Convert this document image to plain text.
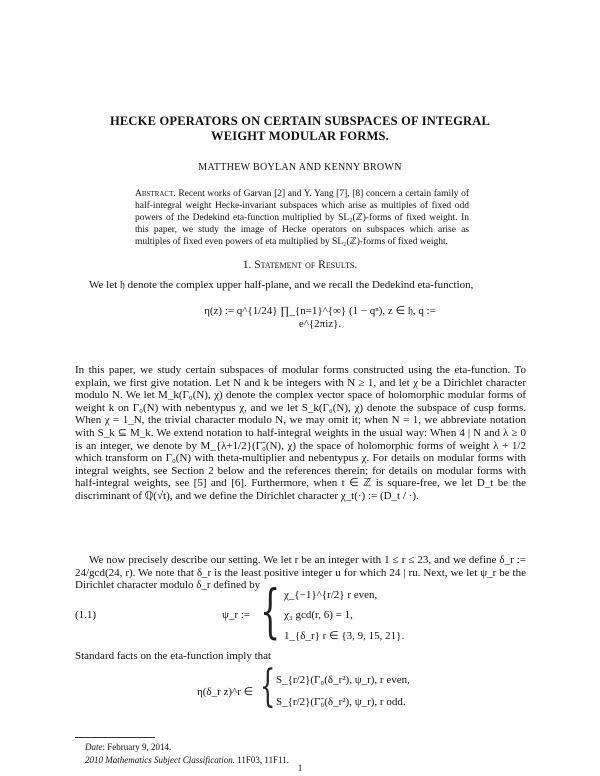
HECKE OPERATORS ON CERTAIN SUBSPACES OF INTEGRAL
WEIGHT MODULAR FORMS.
MATTHEW BOYLAN AND KENNY BROWN
Abstract. Recent works of Garvan [2] and Y. Yang [7], [8] concern a certain family of half-integral weight Hecke-invariant subspaces which arise as multiples of fixed odd powers of the Dedekind eta-function multiplied by SL₂(ℤ)-forms of fixed weight. In this paper, we study the image of Hecke operators on subspaces which arise as multiples of fixed even powers of eta multiplied by SL₂(ℤ)-forms of fixed weight.
1. Statement of Results.
We let 𝔥 denote the complex upper half-plane, and we recall the Dedekind eta-function,
η(z) := q^{1/24} ∏_{n=1}^{∞} (1 − qⁿ), z ∈ 𝔥, q := e^{2πiz}.
In this paper, we study certain subspaces of modular forms constructed using the eta-function. To explain, we first give notation. Let N and k be integers with N ≥ 1, and let χ be a Dirichlet character modulo N. We let M_k(Γ₀(N), χ) denote the complex vector space of holomorphic modular forms of weight k on Γ₀(N) with nebentypus χ, and we let S_k(Γ₀(N), χ) denote the subspace of cusp forms. When χ = 1_N, the trivial character modulo N, we may omit it; when N = 1, we abbreviate notation with S_k ⊆ M_k. We extend notation to half-integral weights in the usual way: When 4 | N and λ ≥ 0 is an integer, we denote by M_{λ+1/2}(Γ̃₀(N), χ) the space of holomorphic forms of weight λ + 1/2 which transform on Γ₀(N) with theta-multiplier and nebentypus χ. For details on modular forms with integral weights, see Section 2 below and the references therein; for details on modular forms with half-integral weights, see [5] and [6]. Furthermore, when t ∈ ℤ is square-free, we let D_t be the discriminant of ℚ(√t), and we define the Dirichlet character χ_t(·) := (D_t / ·).
We now precisely describe our setting. We let r be an integer with 1 ≤ r ≤ 23, and we define δ_r := 24/gcd(24, r). We note that δ_r is the least positive integer u for which 24 | ru. Next, we let ψ_r be the Dirichlet character modulo δ_r defined by
(1.1)	ψ_r := { χ_{−1}^{r/2} r even,
χ₃ gcd(r, 6) = 1,
1_{δ_r} r ∈ {3, 9, 15, 21}.
Standard facts on the eta-function imply that
η(δ_r z)^r ∈ { S_{r/2}(Γ₀(δ_r²), ψ_r), r even,
S_{r/2}(Γ̃₀(δ_r²), ψ_r), r odd.
Date: February 9, 2014.
2010 Mathematics Subject Classification. 11F03, 11F11.
1
